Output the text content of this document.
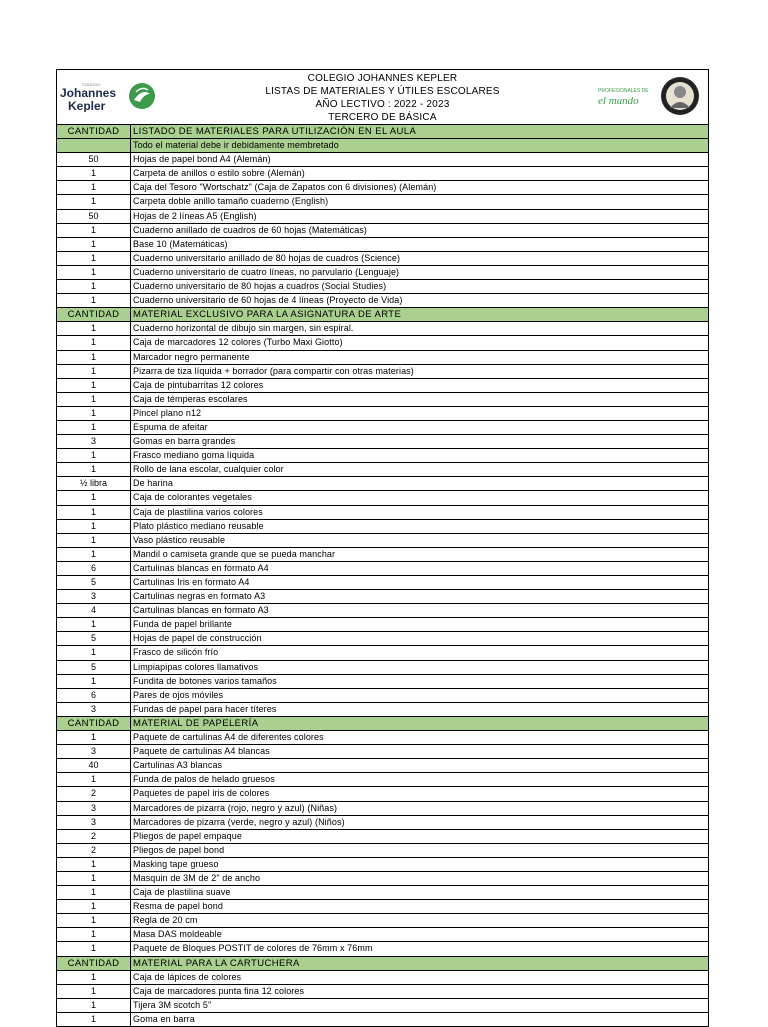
COLEGIO
Johannes
Kepler
COLEGIO JOHANNES KEPLER
LISTAS DE MATERIALES Y ÚTILES ESCOLARES
AÑO LECTIVO : 2022 - 2023
TERCERO DE BÁSICA
PROFESIONALES DE
el mundo
CANTIDAD	LISTADO DE MATERIALES PARA UTILIZACIÓN EN EL AULA
Todo el material debe ir debidamente membretado
50	Hojas de papel bond A4 (Alemán)
1	Carpeta de anillos o estilo sobre (Alemán)
1	Caja del Tesoro "Wortschatz" (Caja de Zapatos con 6 divisiones) (Alemán)
1	Carpeta doble anillo tamaño cuaderno (English)
50	Hojas de 2 líneas A5 (English)
1	Cuaderno anillado de cuadros de 60 hojas (Matemáticas)
1	Base 10 (Matemáticas)
1	Cuaderno universitario anillado de 80 hojas de cuadros (Science)
1	Cuaderno universitario de cuatro líneas, no parvulario (Lenguaje)
1	Cuaderno universitario de 80 hojas a cuadros (Social Studies)
1	Cuaderno universitario de 60 hojas de 4 líneas (Proyecto de Vida)
CANTIDAD	MATERIAL EXCLUSIVO PARA LA ASIGNATURA DE ARTE
1	Cuaderno horizontal de dibujo sin margen, sin espiral.
1	Caja de marcadores 12 colores (Turbo Maxi Giotto)
1	Marcador negro permanente
1	Pizarra de tiza líquida + borrador (para compartir con otras materias)
1	Caja de pintubarritas 12 colores
1	Caja de témperas escolares
1	Pincel plano n12
1	Espuma de afeitar
3	Gomas en barra grandes
1	Frasco mediano goma líquida
1	Rollo de lana escolar, cualquier color
½ libra	De harina
1	Caja de colorantes vegetales
1	Caja de plastilina varios colores
1	Plato plástico mediano reusable
1	Vaso plástico reusable
1	Mandil o camiseta grande que se pueda manchar
6	Cartulinas blancas en formato A4
5	Cartulinas Iris en formato A4
3	Cartulinas negras en formato A3
4	Cartulinas blancas en formato A3
1	Funda de papel brillante
5	Hojas de papel de construcción
1	Frasco de silicón frío
5	Limpiapipas colores llamativos
1	Fundita de botones varios tamaños
6	Pares de ojos móviles
3	Fundas de papel para hacer títeres
CANTIDAD	MATERIAL DE PAPELERÍA
1	Paquete de cartulinas A4 de diferentes colores
3	Paquete de cartulinas A4 blancas
40	Cartulinas A3 blancas
1	Funda de palos de helado gruesos
2	Paquetes de papel iris de colores
3	Marcadores de pizarra (rojo, negro y azul) (Niñas)
3	Marcadores de pizarra (verde, negro y azul) (Niños)
2	Pliegos de papel empaque
2	Pliegos de papel bond
1	Masking tape grueso
1	Masquin de 3M de 2" de ancho
1	Caja de plastilina suave
1	Resma de papel bond
1	Regla de 20 cm
1	Masa DAS moldeable
1	Paquete de Bloques POSTIT de colores de 76mm x 76mm
CANTIDAD	MATERIAL PARA LA CARTUCHERA
1	Caja de lápices de colores
1	Caja de marcadores punta fina 12 colores
1	Tijera 3M scotch 5"
1	Goma en barra
